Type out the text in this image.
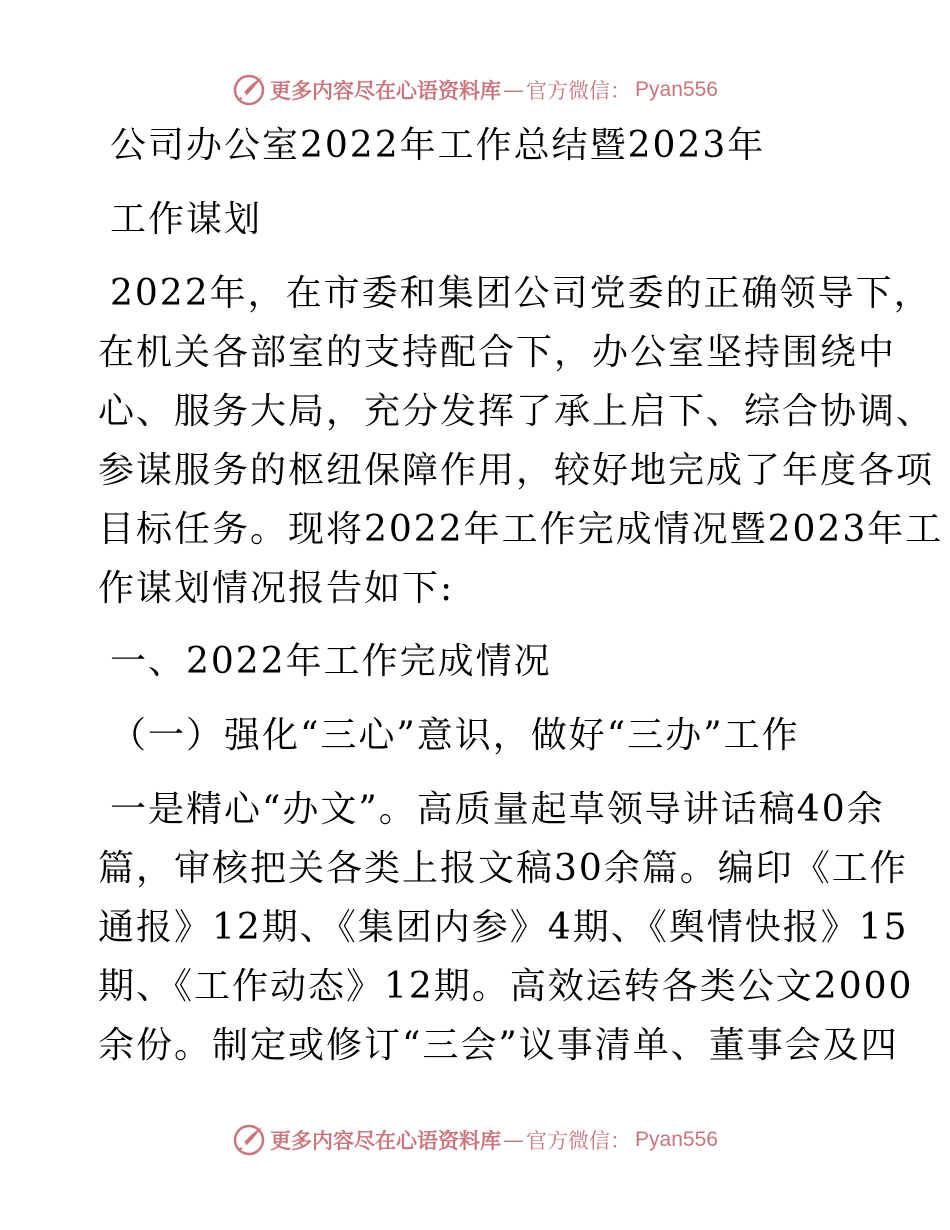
更多内容尽在心语资料库 — 官方微信： Pyan556
公司办公室2022年工作总结暨2023年
工作谋划
2022年，在市委和集团公司党委的正确领导下，
在机关各部室的支持配合下，办公室坚持围绕中
心、服务大局，充分发挥了承上启下、综合协调、
参谋服务的枢纽保障作用，较好地完成了年度各项
目标任务。现将2022年工作完成情况暨2023年工
作谋划情况报告如下:
一、2022年工作完成情况
（一）强化“三心”意识，做好“三办”工作
一是精心“办文”。高质量起草领导讲话稿40余
篇，审核把关各类上报文稿30余篇。编印《工作
通报》12期、《集团内参》4期、《舆情快报》15
期、《工作动态》12期。高效运转各类公文2000
余份。制定或修订“三会”议事清单、董事会及四
更多内容尽在心语资料库 — 官方微信： Pyan556
